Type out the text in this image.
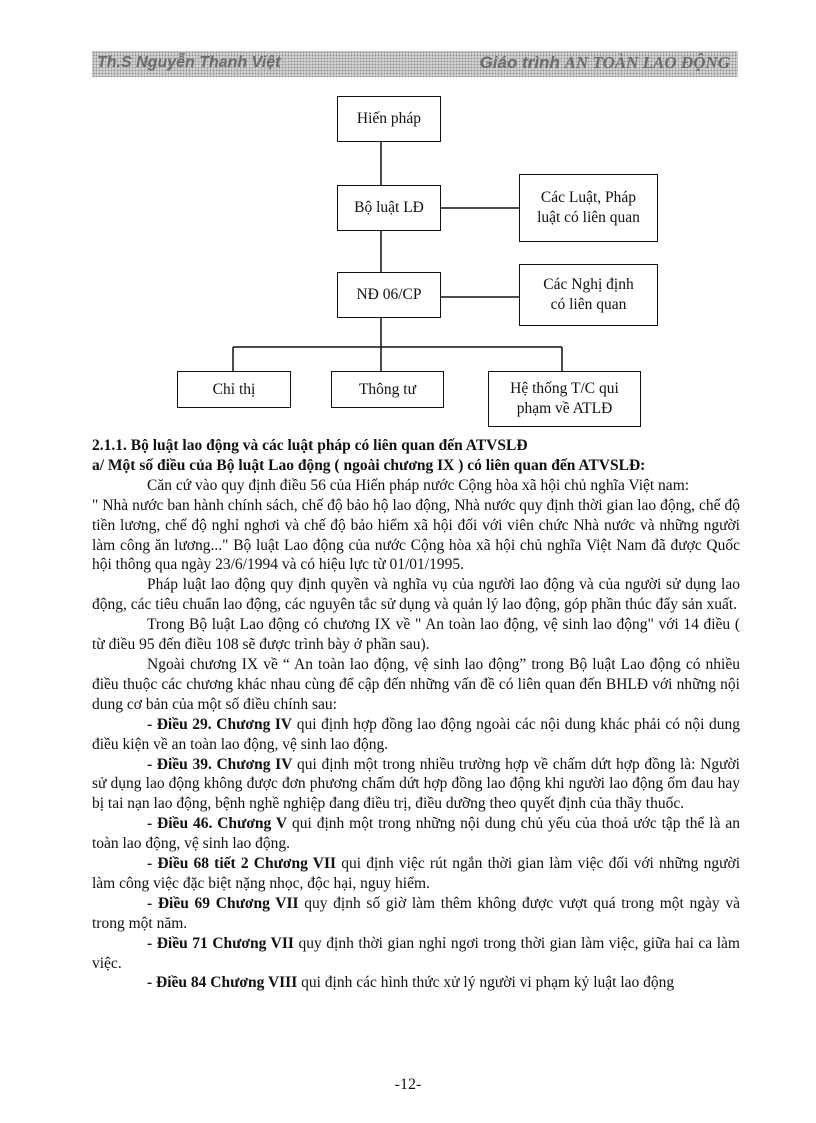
Th.S Nguyễn Thanh Việt	Giáo trình AN TOÀN LAO ĐỘNG
Hiến pháp
Bộ luật LĐ
Các Luật, Pháp
luật có liên quan
NĐ 06/CP
Các Nghị định
có liên quan
Chỉ thị	Thông tư	Hệ thống T/C qui
phạm về ATLĐ

2.1.1. Bộ luật lao động và các luật pháp có liên quan đến ATVSLĐ

a/ Một số điều của Bộ luật Lao động ( ngoài chương IX ) có liên quan đến ATVSLĐ:

Căn cứ vào quy định điều 56 của Hiến pháp nước Cộng hòa xã hội chủ nghĩa Việt nam:

" Nhà nước ban hành chính sách, chế độ bảo hộ lao động, Nhà nước quy định thời gian lao động, chế độ tiền lương, chế độ nghỉ nghơi và chế độ bảo hiểm xã hội đối với viên chức Nhà nước và những người làm công ăn lương..." Bộ luật Lao động của nước Cộng hòa xã hội chủ nghĩa Việt Nam đã được Quốc hội thông qua ngày 23/6/1994 và có hiệu lực từ 01/01/1995.

Pháp luật lao động quy định quyền và nghĩa vụ của người lao động và của người sử dụng lao động, các tiêu chuẩn lao động, các nguyên tắc sử dụng và quản lý lao động, góp phần thúc đẩy sản xuất.

Trong Bộ luật Lao động có chương IX về " An toàn lao động, vệ sinh lao động" với 14 điều ( từ điều 95 đến điều 108 sẽ được trình bày ở phần sau).

Ngoài chương IX về “ An toàn lao động, vệ sinh lao động” trong Bộ luật Lao động có nhiều điều thuộc các chương khác nhau cùng để cập đến những vấn đề có liên quan đến BHLĐ với những nội dung cơ bản của một số điều chính sau:

- Điều 29. Chương IV qui định hợp đồng lao động ngoài các nội dung khác phải có nội dung điều kiện về an toàn lao động, vệ sinh lao động.

- Điều 39. Chương IV qui định một trong nhiều trường hợp về chấm dứt hợp đồng là: Người sử dụng lao động không được đơn phương chấm dứt hợp đồng lao động khi người lao động ốm đau hay bị tai nạn lao động, bệnh nghề nghiệp đang điều trị, điều dưỡng theo quyết định của thầy thuốc.

- Điều 46. Chương V qui định một trong những nội dung chủ yếu của thoả ước tập thể là an toàn lao động, vệ sinh lao động.

- Điều 68 tiết 2 Chương VII qui định việc rút ngắn thời gian làm việc đối với những người làm công việc đặc biệt nặng nhọc, độc hại, nguy hiểm.

- Điều 69 Chương VII quy định số giờ làm thêm không được vượt quá trong một ngày và trong một năm.

- Điều 71 Chương VII quy định thời gian nghỉ ngơi trong thời gian làm việc, giữa hai ca làm việc.

- Điều 84 Chương VIII qui định các hình thức xử lý người vi phạm kỷ luật lao động

-12-
